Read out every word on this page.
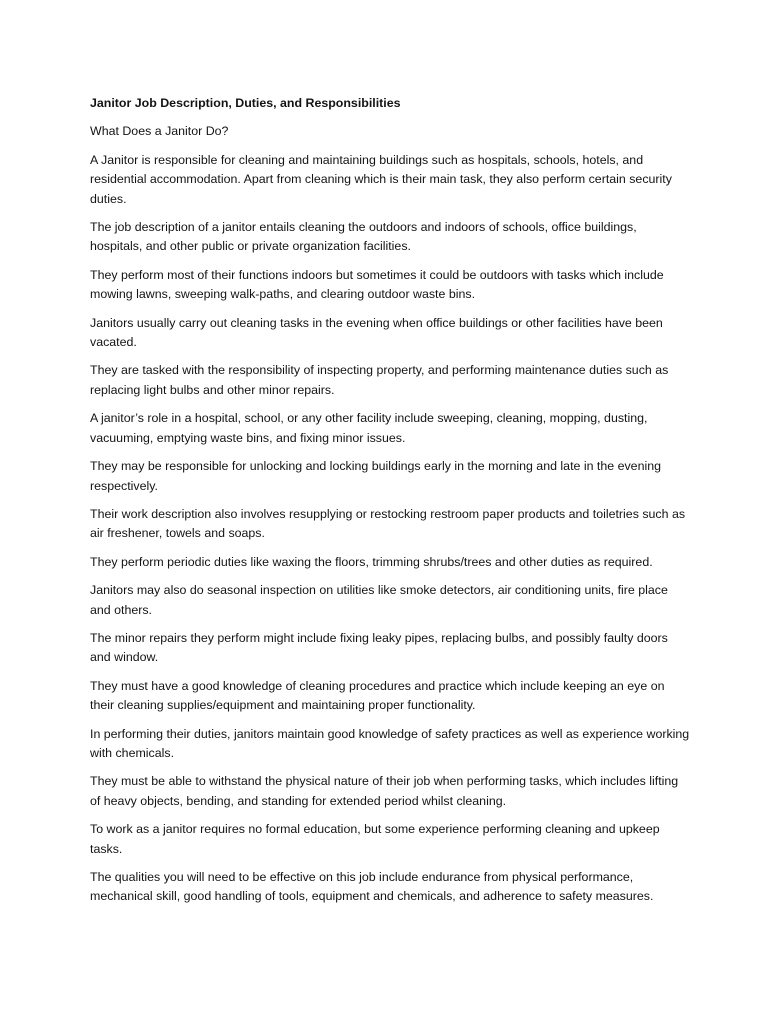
Janitor Job Description, Duties, and Responsibilities

What Does a Janitor Do?

A Janitor is responsible for cleaning and maintaining buildings such as hospitals, schools, hotels, and residential accommodation. Apart from cleaning which is their main task, they also perform certain security duties.

The job description of a janitor entails cleaning the outdoors and indoors of schools, office buildings, hospitals, and other public or private organization facilities.

They perform most of their functions indoors but sometimes it could be outdoors with tasks which include mowing lawns, sweeping walk-paths, and clearing outdoor waste bins.

Janitors usually carry out cleaning tasks in the evening when office buildings or other facilities have been vacated.

They are tasked with the responsibility of inspecting property, and performing maintenance duties such as replacing light bulbs and other minor repairs.

A janitor’s role in a hospital, school, or any other facility include sweeping, cleaning, mopping, dusting, vacuuming, emptying waste bins, and fixing minor issues.

They may be responsible for unlocking and locking buildings early in the morning and late in the evening respectively.

Their work description also involves resupplying or restocking restroom paper products and toiletries such as air freshener, towels and soaps.

They perform periodic duties like waxing the floors, trimming shrubs/trees and other duties as required.

Janitors may also do seasonal inspection on utilities like smoke detectors, air conditioning units, fire place and others.

The minor repairs they perform might include fixing leaky pipes, replacing bulbs, and possibly faulty doors and window.

They must have a good knowledge of cleaning procedures and practice which include keeping an eye on their cleaning supplies/equipment and maintaining proper functionality.

In performing their duties, janitors maintain good knowledge of safety practices as well as experience working with chemicals.

They must be able to withstand the physical nature of their job when performing tasks, which includes lifting of heavy objects, bending, and standing for extended period whilst cleaning.

To work as a janitor requires no formal education, but some experience performing cleaning and upkeep tasks.

The qualities you will need to be effective on this job include endurance from physical performance, mechanical skill, good handling of tools, equipment and chemicals, and adherence to safety measures.
